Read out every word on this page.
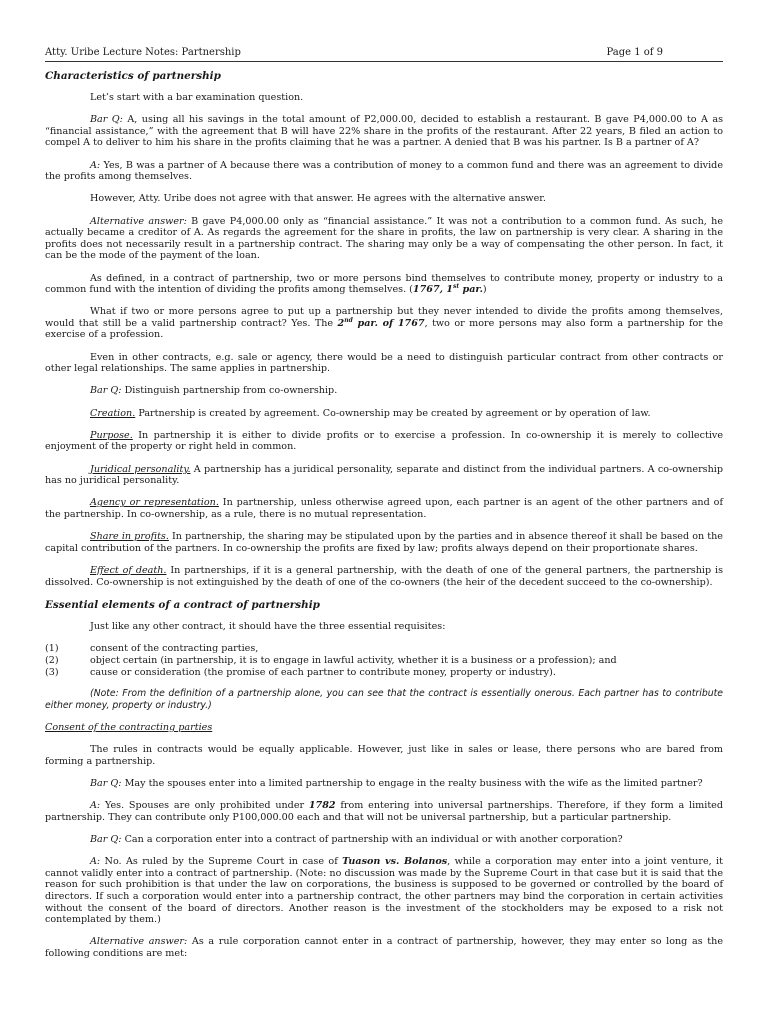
Atty. Uribe Lecture Notes: Partnership	Page 1 of 9
Characteristics of partnership

Let’s start with a bar examination question.

Bar Q: A, using all his savings in the total amount of P2,000.00, decided to establish a restaurant. B gave P4,000.00 to A as “financial assistance,” with the agreement that B will have 22% share in the profits of the restaurant. After 22 years, B filed an action to compel A to deliver to him his share in the profits claiming that he was a partner. A denied that B was his partner. Is B a partner of A?

A: Yes, B was a partner of A because there was a contribution of money to a common fund and there was an agreement to divide the profits among themselves.

However, Atty. Uribe does not agree with that answer. He agrees with the alternative answer.

Alternative answer: B gave P4,000.00 only as “financial assistance.” It was not a contribution to a common fund. As such, he actually became a creditor of A. As regards the agreement for the share in profits, the law on partnership is very clear. A sharing in the profits does not necessarily result in a partnership contract. The sharing may only be a way of compensating the other person. In fact, it can be the mode of the payment of the loan.

As defined, in a contract of partnership, two or more persons bind themselves to contribute money, property or industry to a common fund with the intention of dividing the profits among themselves. (1767, 1st par.)

What if two or more persons agree to put up a partnership but they never intended to divide the profits among themselves, would that still be a valid partnership contract? Yes. The 2nd par. of 1767, two or more persons may also form a partnership for the exercise of a profession.

Even in other contracts, e.g. sale or agency, there would be a need to distinguish particular contract from other contracts or other legal relationships. The same applies in partnership.

Bar Q: Distinguish partnership from co-ownership.

Creation. Partnership is created by agreement. Co-ownership may be created by agreement or by operation of law.

Purpose. In partnership it is either to divide profits or to exercise a profession. In co-ownership it is merely to collective enjoyment of the property or right held in common.

Juridical personality. A partnership has a juridical personality, separate and distinct from the individual partners. A co-ownership has no juridical personality.

Agency or representation. In partnership, unless otherwise agreed upon, each partner is an agent of the other partners and of the partnership. In co-ownership, as a rule, there is no mutual representation.

Share in profits. In partnership, the sharing may be stipulated upon by the parties and in absence thereof it shall be based on the capital contribution of the partners. In co-ownership the profits are fixed by law; profits always depend on their proportionate shares.

Effect of death. In partnerships, if it is a general partnership, with the death of one of the general partners, the partnership is dissolved. Co-ownership is not extinguished by the death of one of the co-owners (the heir of the decedent succeed to the co-ownership).

Essential elements of a contract of partnership

Just like any other contract, it should have the three essential requisites:

(1)	consent of the contracting parties,
(2)	object certain (in partnership, it is to engage in lawful activity, whether it is a business or a profession); and
(3)	cause or consideration (the promise of each partner to contribute money, property or industry).

(Note: From the definition of a partnership alone, you can see that the contract is essentially onerous. Each partner has to contribute either money, property or industry.)

Consent of the contracting parties

The rules in contracts would be equally applicable. However, just like in sales or lease, there persons who are bared from forming a partnership.

Bar Q: May the spouses enter into a limited partnership to engage in the realty business with the wife as the limited partner?

A: Yes. Spouses are only prohibited under 1782 from entering into universal partnerships. Therefore, if they form a limited partnership. They can contribute only P100,000.00 each and that will not be universal partnership, but a particular partnership.

Bar Q: Can a corporation enter into a contract of partnership with an individual or with another corporation?

A: No. As ruled by the Supreme Court in case of Tuason vs. Bolanos, while a corporation may enter into a joint venture, it cannot validly enter into a contract of partnership. (Note: no discussion was made by the Supreme Court in that case but it is said that the reason for such prohibition is that under the law on corporations, the business is supposed to be governed or controlled by the board of directors. If such a corporation would enter into a partnership contract, the other partners may bind the corporation in certain activities without the consent of the board of directors. Another reason is the investment of the stockholders may be exposed to a risk not contemplated by them.)

Alternative answer: As a rule corporation cannot enter in a contract of partnership, however, they may enter so long as the following conditions are met:
